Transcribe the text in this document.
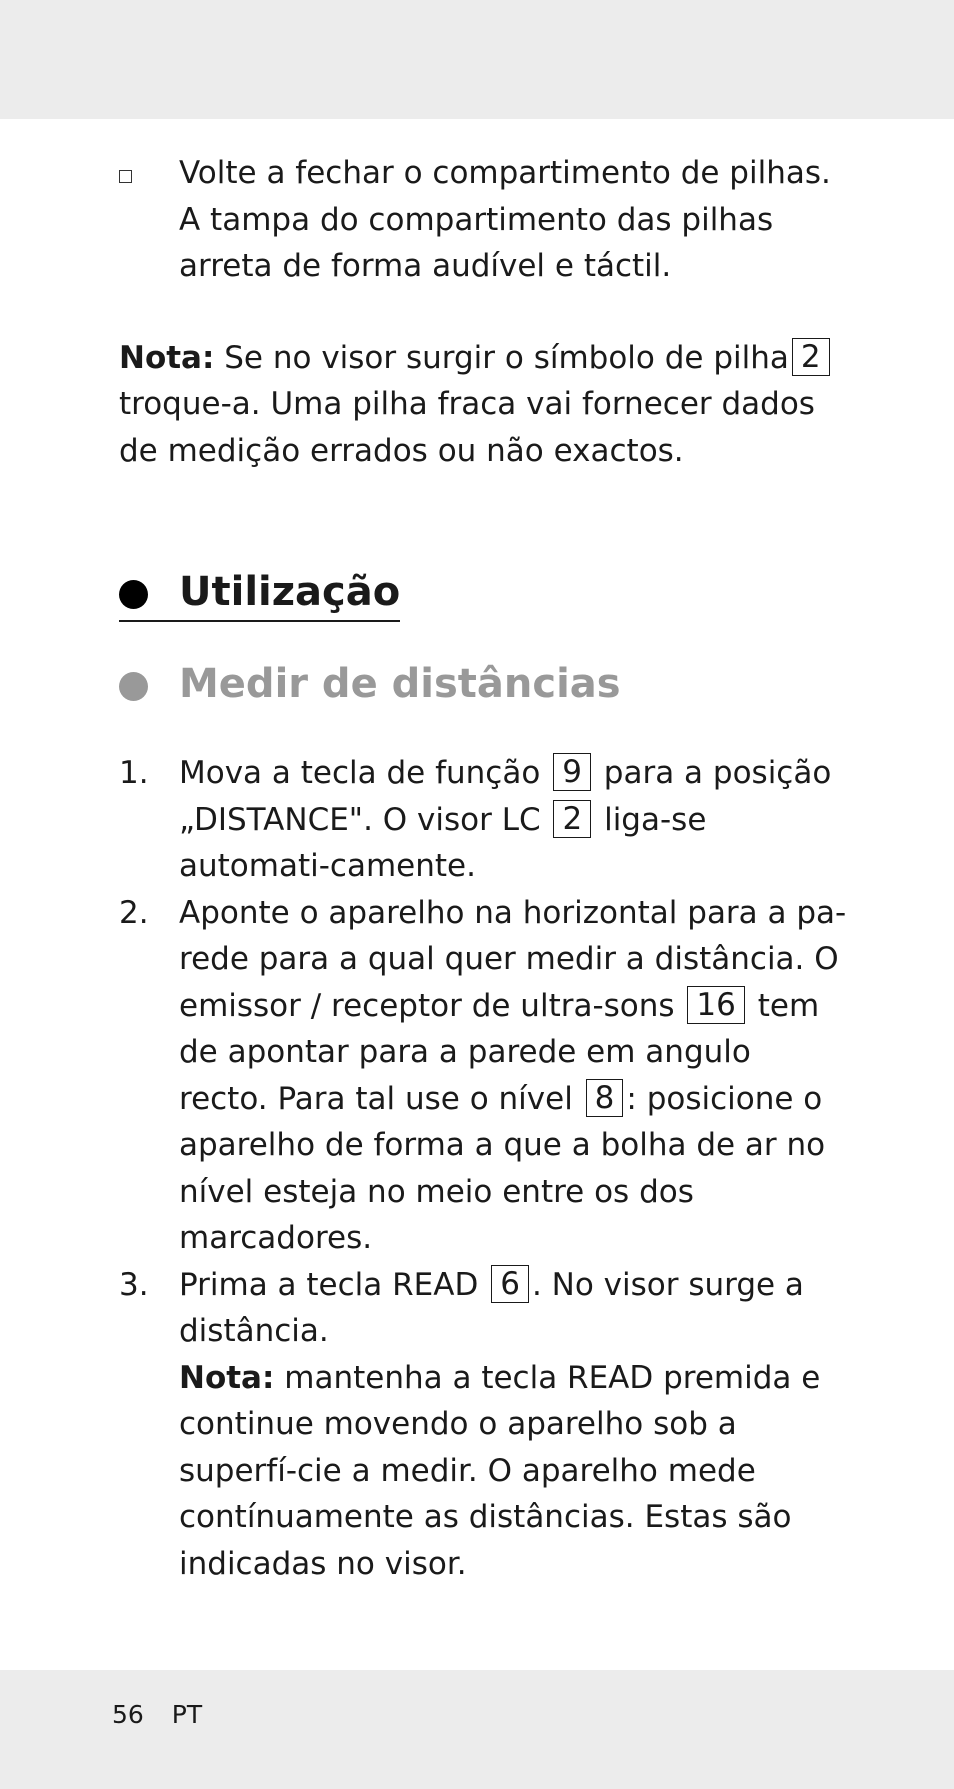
Volte a fechar o compartimento de pilhas. A tampa do compartimento das pilhas arreta de forma audível e táctil.
Nota: Se no visor surgir o símbolo de pilha 2 troque-a. Uma pilha fraca vai fornecer dados de medição errados ou não exactos.
Utilização
Medir de distâncias
1. Mova a tecla de função 9 para a posição „DISTANCE". O visor LC 2 liga-se automati-camente.
2. Aponte o aparelho na horizontal para a pa-rede para a qual quer medir a distância. O emissor / receptor de ultra-sons 16 tem de apontar para a parede em angulo recto. Para tal use o nível 8 : posicione o aparelho de forma a que a bolha de ar no nível esteja no meio entre os dos marcadores.
3. Prima a tecla READ 6 . No visor surge a distância.
Nota: mantenha a tecla READ premida e continue movendo o aparelho sob a superfí-cie a medir. O aparelho mede contínuamente as distâncias. Estas são indicadas no visor.
56 PT
